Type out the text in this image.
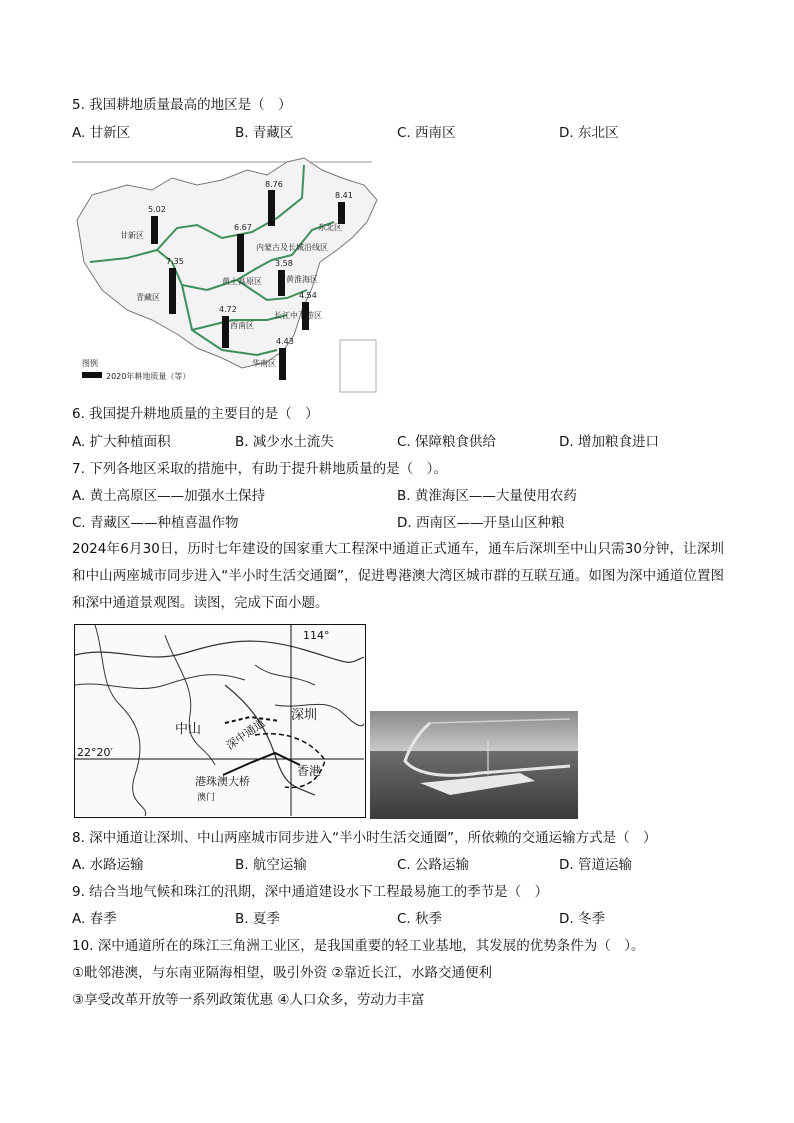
5. 我国耕地质量最高的地区是（　）
A. 甘新区	B. 青藏区	C. 西南区	D. 东北区
5.02
7.35
6.67
8.76
8.41
3.58
4.72
4.54
4.43
甘新区
青藏区
黄土高原区	黄淮海区
西南区
长江中下游区
东北区
内蒙古及长城沿线区
华南区
图例
2020年耕地质量（等）
6. 我国提升耕地质量的主要目的是（　）
A. 扩大种植面积	B. 减少水土流失	C. 保障粮食供给	D. 增加粮食进口
7. 下列各地区采取的措施中，有助于提升耕地质量的是（　）。
A. 黄土高原区——加强水土保持	B. 黄淮海区——大量使用农药
C. 青藏区——种植喜温作物	D. 西南区——开垦山区种粮
2024年6月30日，历时七年建设的国家重大工程深中通道正式通车，通车后深圳至中山只需30分钟，让深圳和中山两座城市同步进入“半小时生活交通圈”，促进粤港澳大湾区城市群的互联互通。如图为深中通道位置图和深中通道景观图。读图，完成下面小题。
114°
22°20′
中山
深圳
深中通道
港珠澳大桥
香港
澳门
8. 深中通道让深圳、中山两座城市同步进入“半小时生活交通圈”，所依赖的交通运输方式是（　）
A. 水路运输	B. 航空运输	C. 公路运输	D. 管道运输
9. 结合当地气候和珠江的汛期，深中通道建设水下工程最易施工的季节是（　）
A. 春季	B. 夏季	C. 秋季	D. 冬季
10. 深中通道所在的珠江三角洲工业区，是我国重要的轻工业基地，其发展的优势条件为（　）。
①毗邻港澳，与东南亚隔海相望，吸引外资 ②靠近长江，水路交通便利
③享受改革开放等一系列政策优惠 ④人口众多，劳动力丰富
